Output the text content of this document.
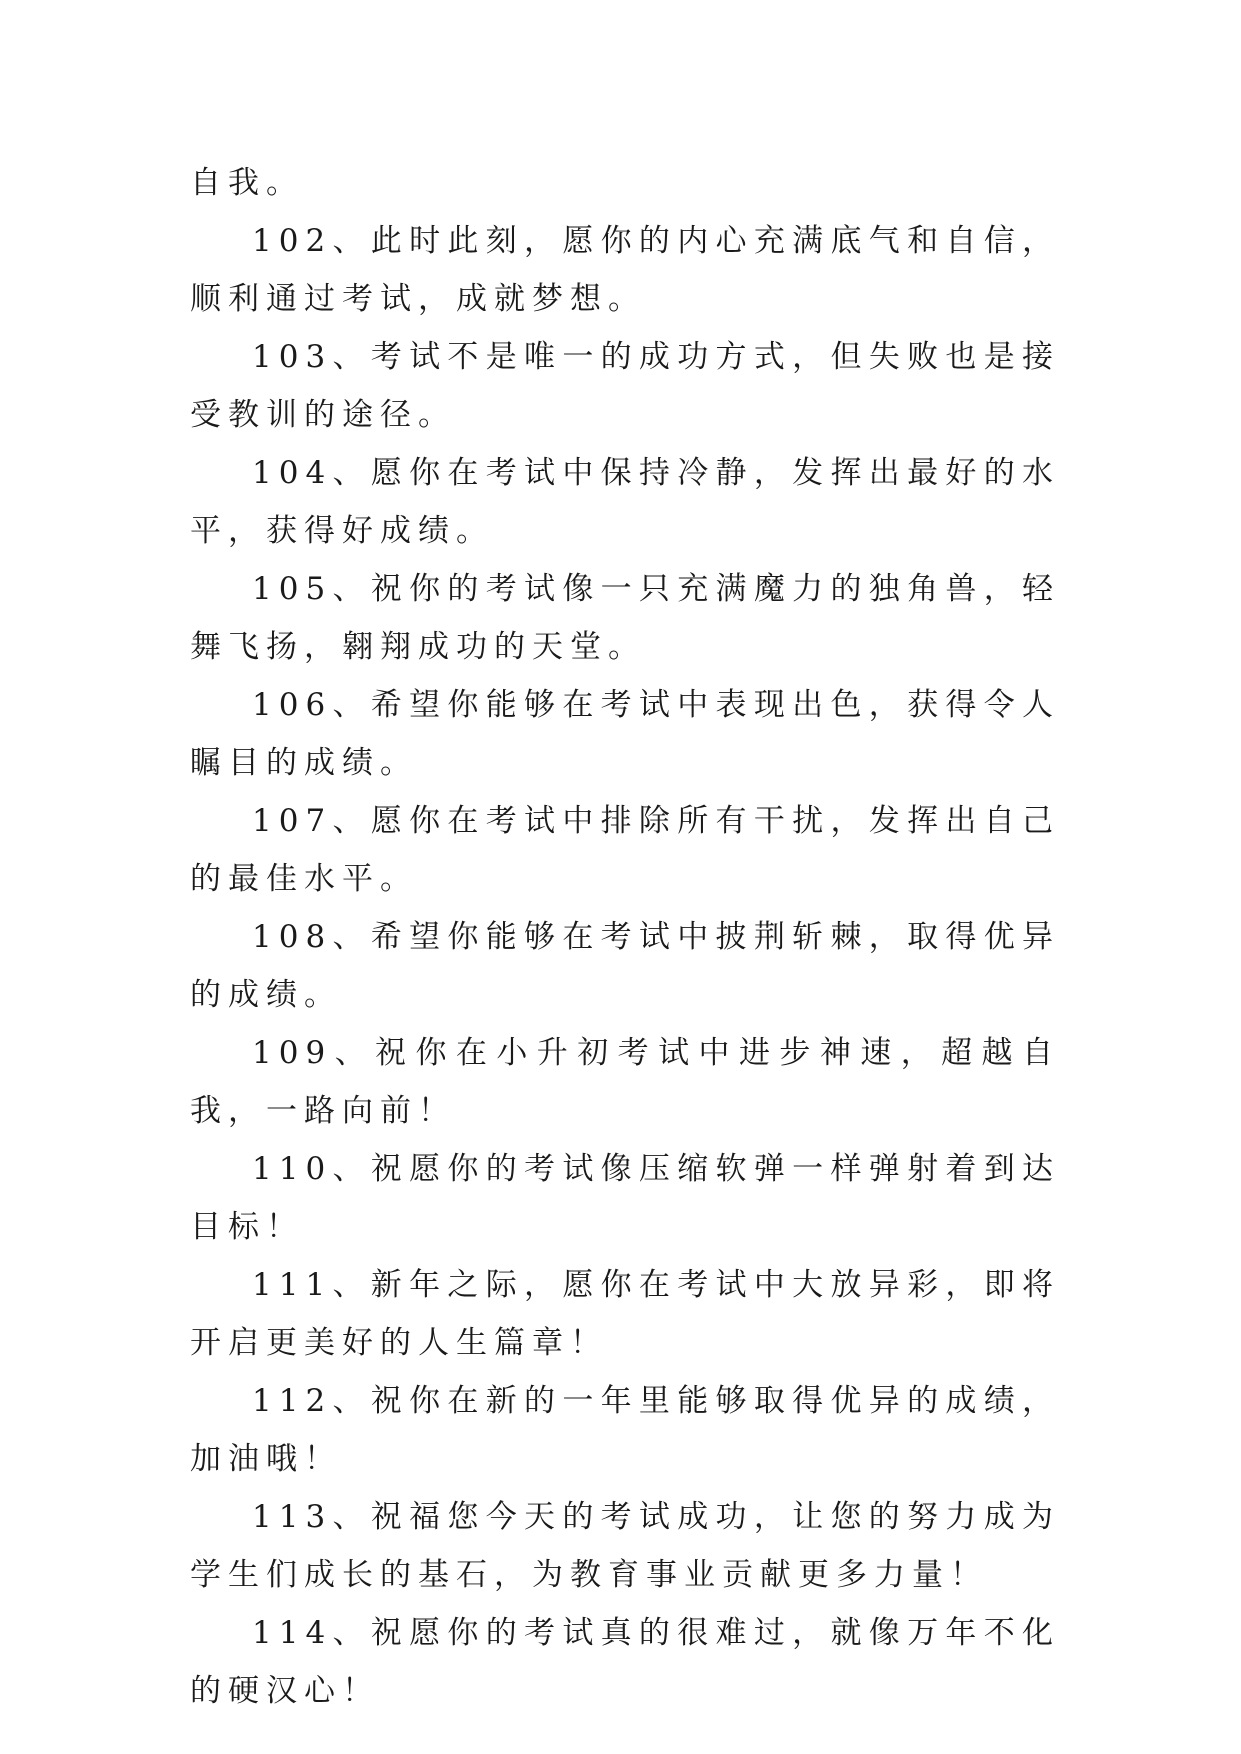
自我。

102、此时此刻，愿你的内心充满底气和自信，顺利通过考试，成就梦想。

103、考试不是唯一的成功方式，但失败也是接受教训的途径。

104、愿你在考试中保持冷静，发挥出最好的水平，获得好成绩。

105、祝你的考试像一只充满魔力的独角兽，轻舞飞扬，翱翔成功的天堂。

106、希望你能够在考试中表现出色，获得令人瞩目的成绩。

107、愿你在考试中排除所有干扰，发挥出自己的最佳水平。

108、希望你能够在考试中披荆斩棘，取得优异的成绩。

109、祝你在小升初考试中进步神速，超越自我，一路向前！

110、祝愿你的考试像压缩软弹一样弹射着到达目标！

111、新年之际，愿你在考试中大放异彩，即将开启更美好的人生篇章！

112、祝你在新的一年里能够取得优异的成绩，加油哦！

113、祝福您今天的考试成功，让您的努力成为学生们成长的基石，为教育事业贡献更多力量！

114、祝愿你的考试真的很难过，就像万年不化的硬汉心！
